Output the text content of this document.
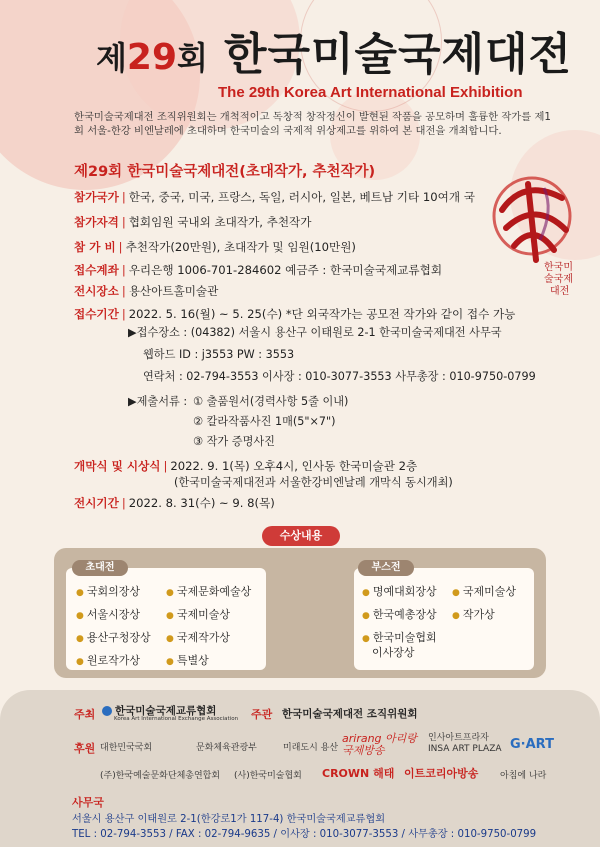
제29회 한국미술국제대전
The 29th Korea Art International Exhibition
한국미술국제대전 조직위원회는 개척적이고 독창적 창작정신이 발현된 작품을 공모하며 훌륭한 작가를 제1회 서울-한강 비엔날레에 초대하며 한국미술의 국제적 위상제고를 위하여 본 대전을 개최합니다.
제29회 한국미술국제대전(초대작가, 추천작가)
참가국가 | 한국, 중국, 미국, 프랑스, 독일, 러시아, 일본, 베트남 기타 10여개 국
참가자격 | 협회임원 국내외 초대작가, 추천작가
참 가 비 | 추천작가(20만원), 초대작가 및 임원(10만원)
접수계좌 | 우리은행 1006-701-284602 예금주 : 한국미술국제교류협회
전시장소 | 용산아트홀미술관
접수기간 | 2022. 5. 16(월) ~ 5. 25(수) *단 외국작가는 공모전 작가와 같이 접수 가능
▶접수장소 : (04382) 서울시 용산구 이태원로 2-1 한국미술국제대전 사무국
웹하드 ID : j3553 PW : 3553
연락처 : 02-794-3553 이사장 : 010-3077-3553 사무총장 : 010-9750-0799
▶제출서류 : ① 출품원서(경력사항 5줄 이내)
② 칼라작품사진 1매(5"×7")
③ 작가 증명사진
개막식 및 시상식 | 2022. 9. 1(목) 오후4시, 인사동 한국미술관 2층
(한국미술국제대전과 서울한강비엔날레 개막식 동시개최)
전시기간 | 2022. 8. 31(수) ~ 9. 8(목)
한국미
술국제
대전
수상내용
초대전
● 국회의장상
● 서울시장상
● 용산구청장상
● 원로작가상
● 국제문화예술상
● 국제미술상
● 국제작가상
● 특별상
부스전
● 명예대회장상
● 한국예총장상
● 한국미술협회
이사장상
● 국제미술상
● 작가상
주최	한국미술국제교류협회
Korea Art International Exchange Association 주관 한국미술국제대전 조직위원회
후원 대한민국국회	문화체육관광부	미래도시 용산
arirang 아리랑국제방송
인사아트프라자 INSA ART PLAZA G·ART
(주)한국예술문화단체총연합회 (사)한국미술협회 CROWN 해태 이트코리아방송 아침에 나라
사무국
서울시 용산구 이태원로 2-1(한강로1가 117-4) 한국미술국제교류협회
TEL : 02-794-3553 / FAX : 02-794-9635 / 이사장 : 010-3077-3553 / 사무총장 : 010-9750-0799
